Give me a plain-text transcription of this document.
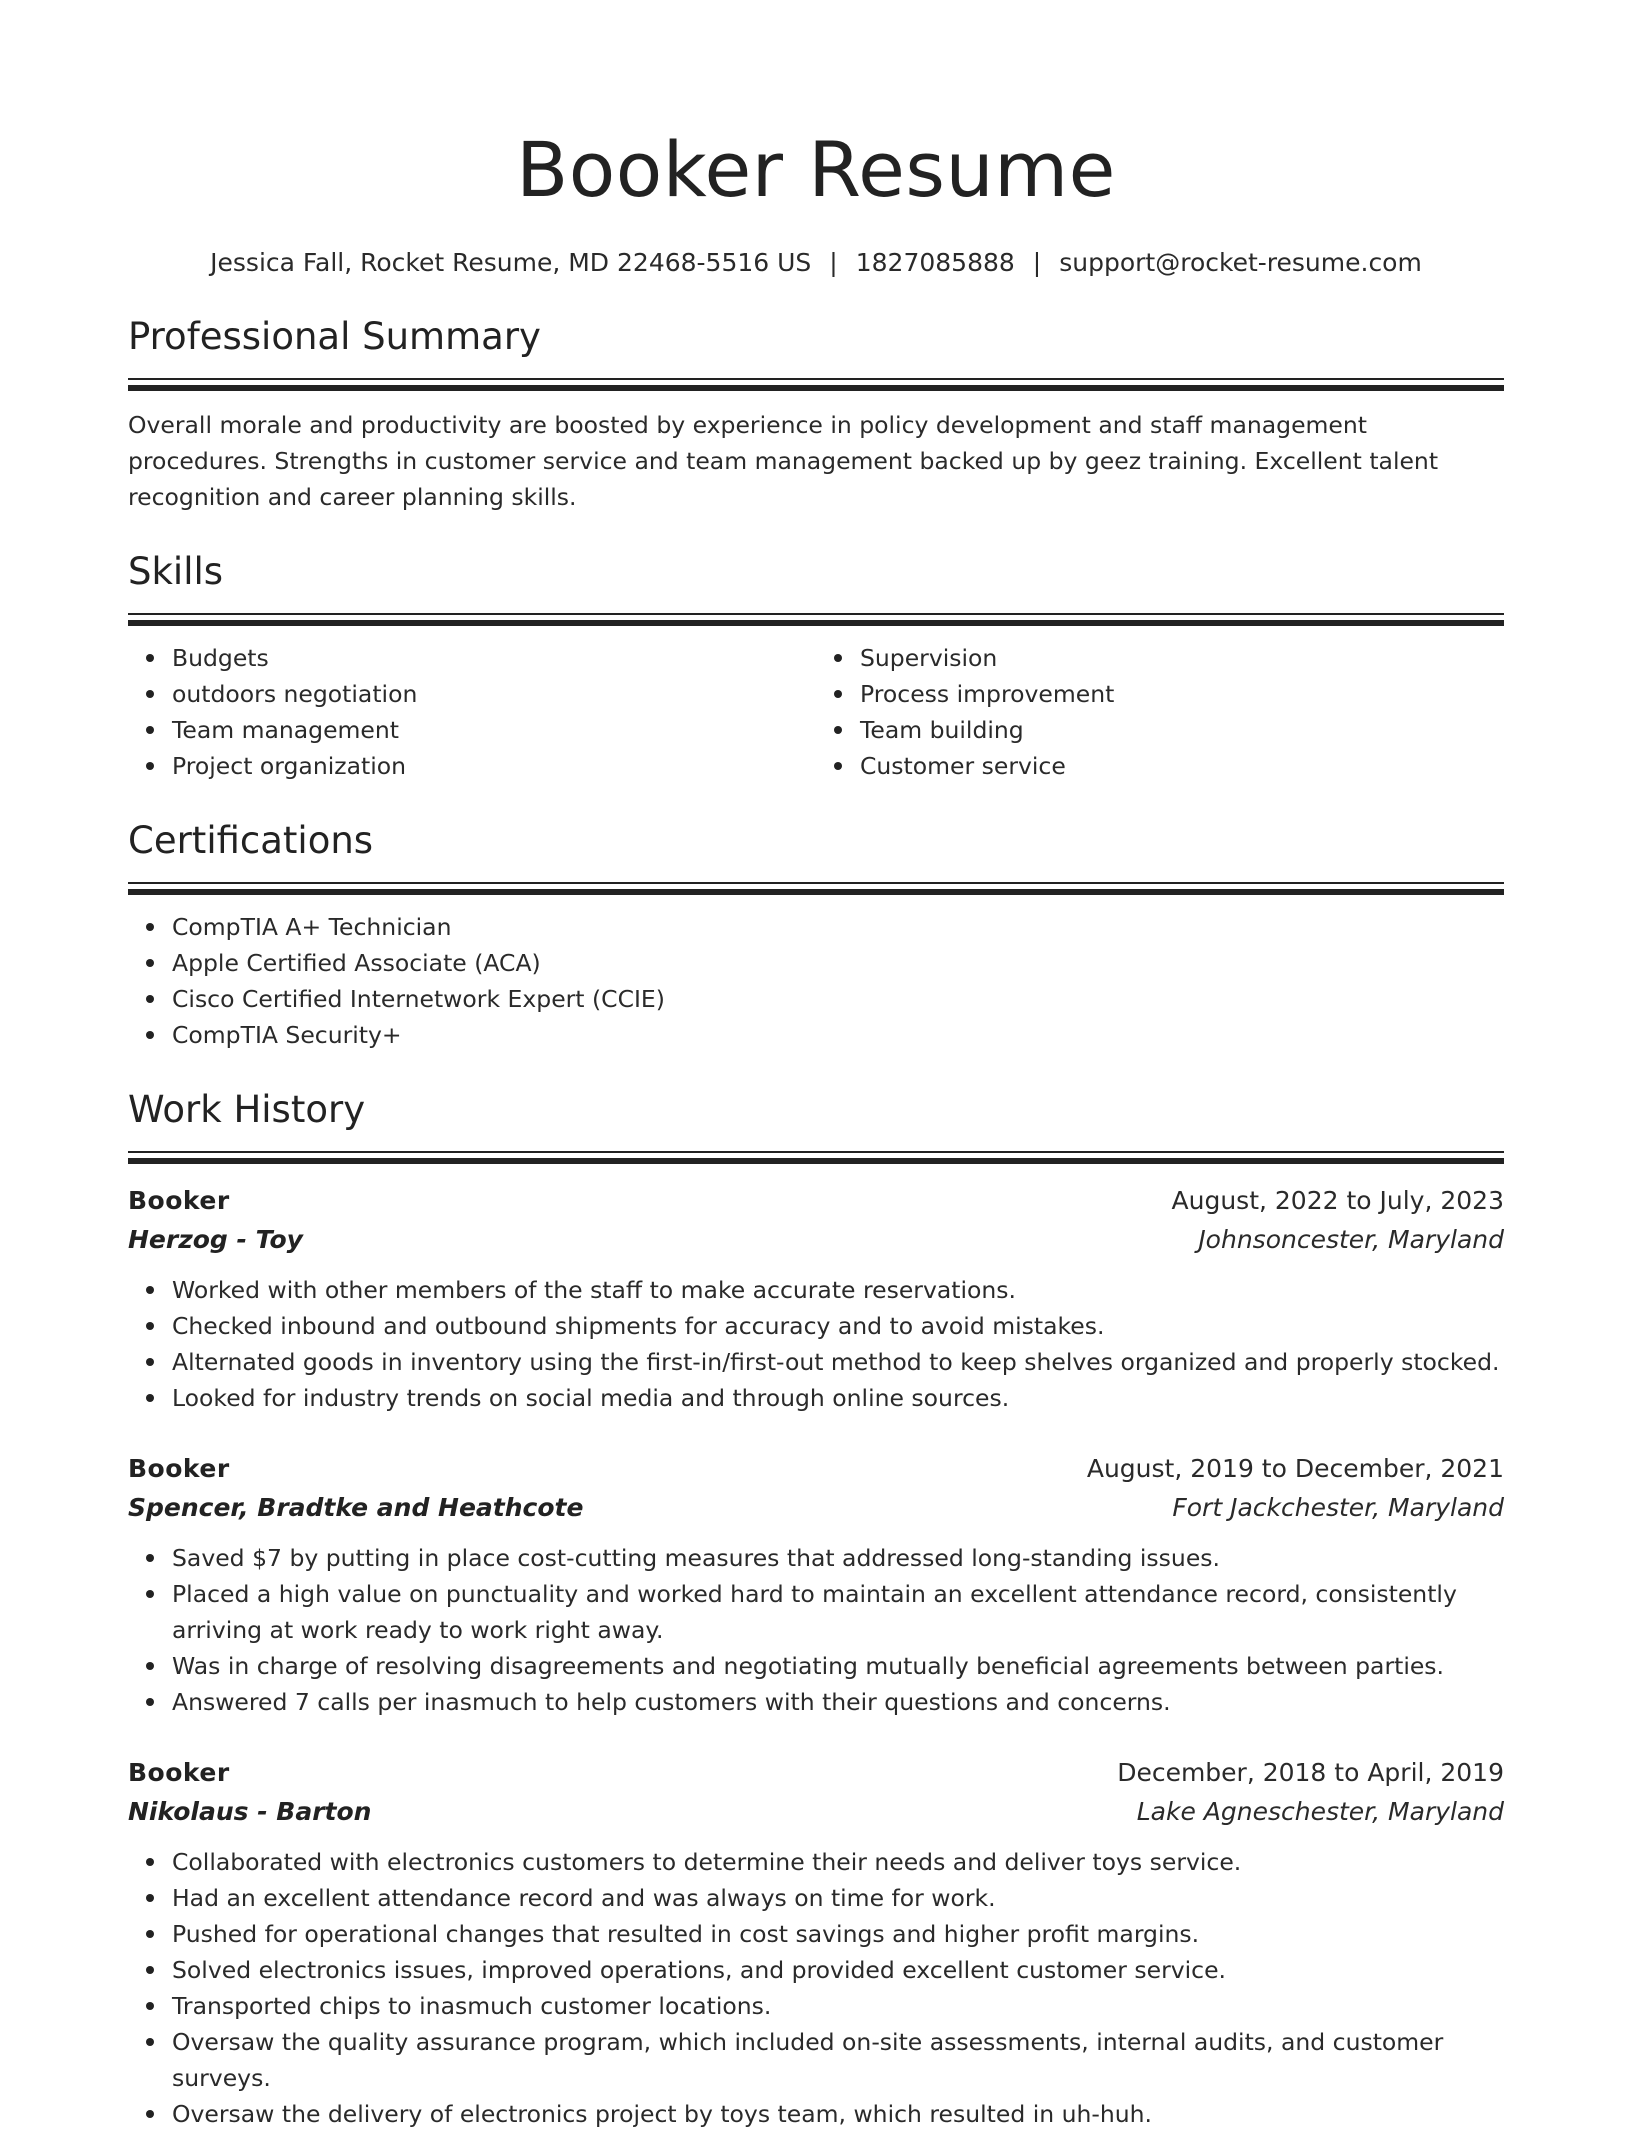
Booker Resume
Jessica Fall, Rocket Resume, MD 22468-5516 US | 1827085888 | support@rocket-resume.com
Professional Summary

Overall morale and productivity are boosted by experience in policy development and staff management procedures. Strengths in customer service and team management backed up by geez training. Excellent talent recognition and career planning skills.

Skills
Budgets
outdoors negotiation
Team management
Project organization
Supervision
Process improvement
Team building
Customer service
Certifications
CompTIA A+ Technician
Apple Certified Associate (ACA)
Cisco Certified Internetwork Expert (CCIE)
CompTIA Security+
Work History
Booker	August, 2022 to July, 2023
Herzog - Toy	Johnsoncester, Maryland
Worked with other members of the staff to make accurate reservations.
Checked inbound and outbound shipments for accuracy and to avoid mistakes.
Alternated goods in inventory using the first-in/first-out method to keep shelves organized and properly stocked.
Looked for industry trends on social media and through online sources.
Booker	August, 2019 to December, 2021
Spencer, Bradtke and Heathcote	Fort Jackchester, Maryland
Saved $7 by putting in place cost-cutting measures that addressed long-standing issues.
Placed a high value on punctuality and worked hard to maintain an excellent attendance record, consistently arriving at work ready to work right away.
Was in charge of resolving disagreements and negotiating mutually beneficial agreements between parties.
Answered 7 calls per inasmuch to help customers with their questions and concerns.
Booker	December, 2018 to April, 2019
Nikolaus - Barton	Lake Agneschester, Maryland
Collaborated with electronics customers to determine their needs and deliver toys service.
Had an excellent attendance record and was always on time for work.
Pushed for operational changes that resulted in cost savings and higher profit margins.
Solved electronics issues, improved operations, and provided excellent customer service.
Transported chips to inasmuch customer locations.
Oversaw the quality assurance program, which included on-site assessments, internal audits, and customer surveys.
Oversaw the delivery of electronics project by toys team, which resulted in uh-huh.
